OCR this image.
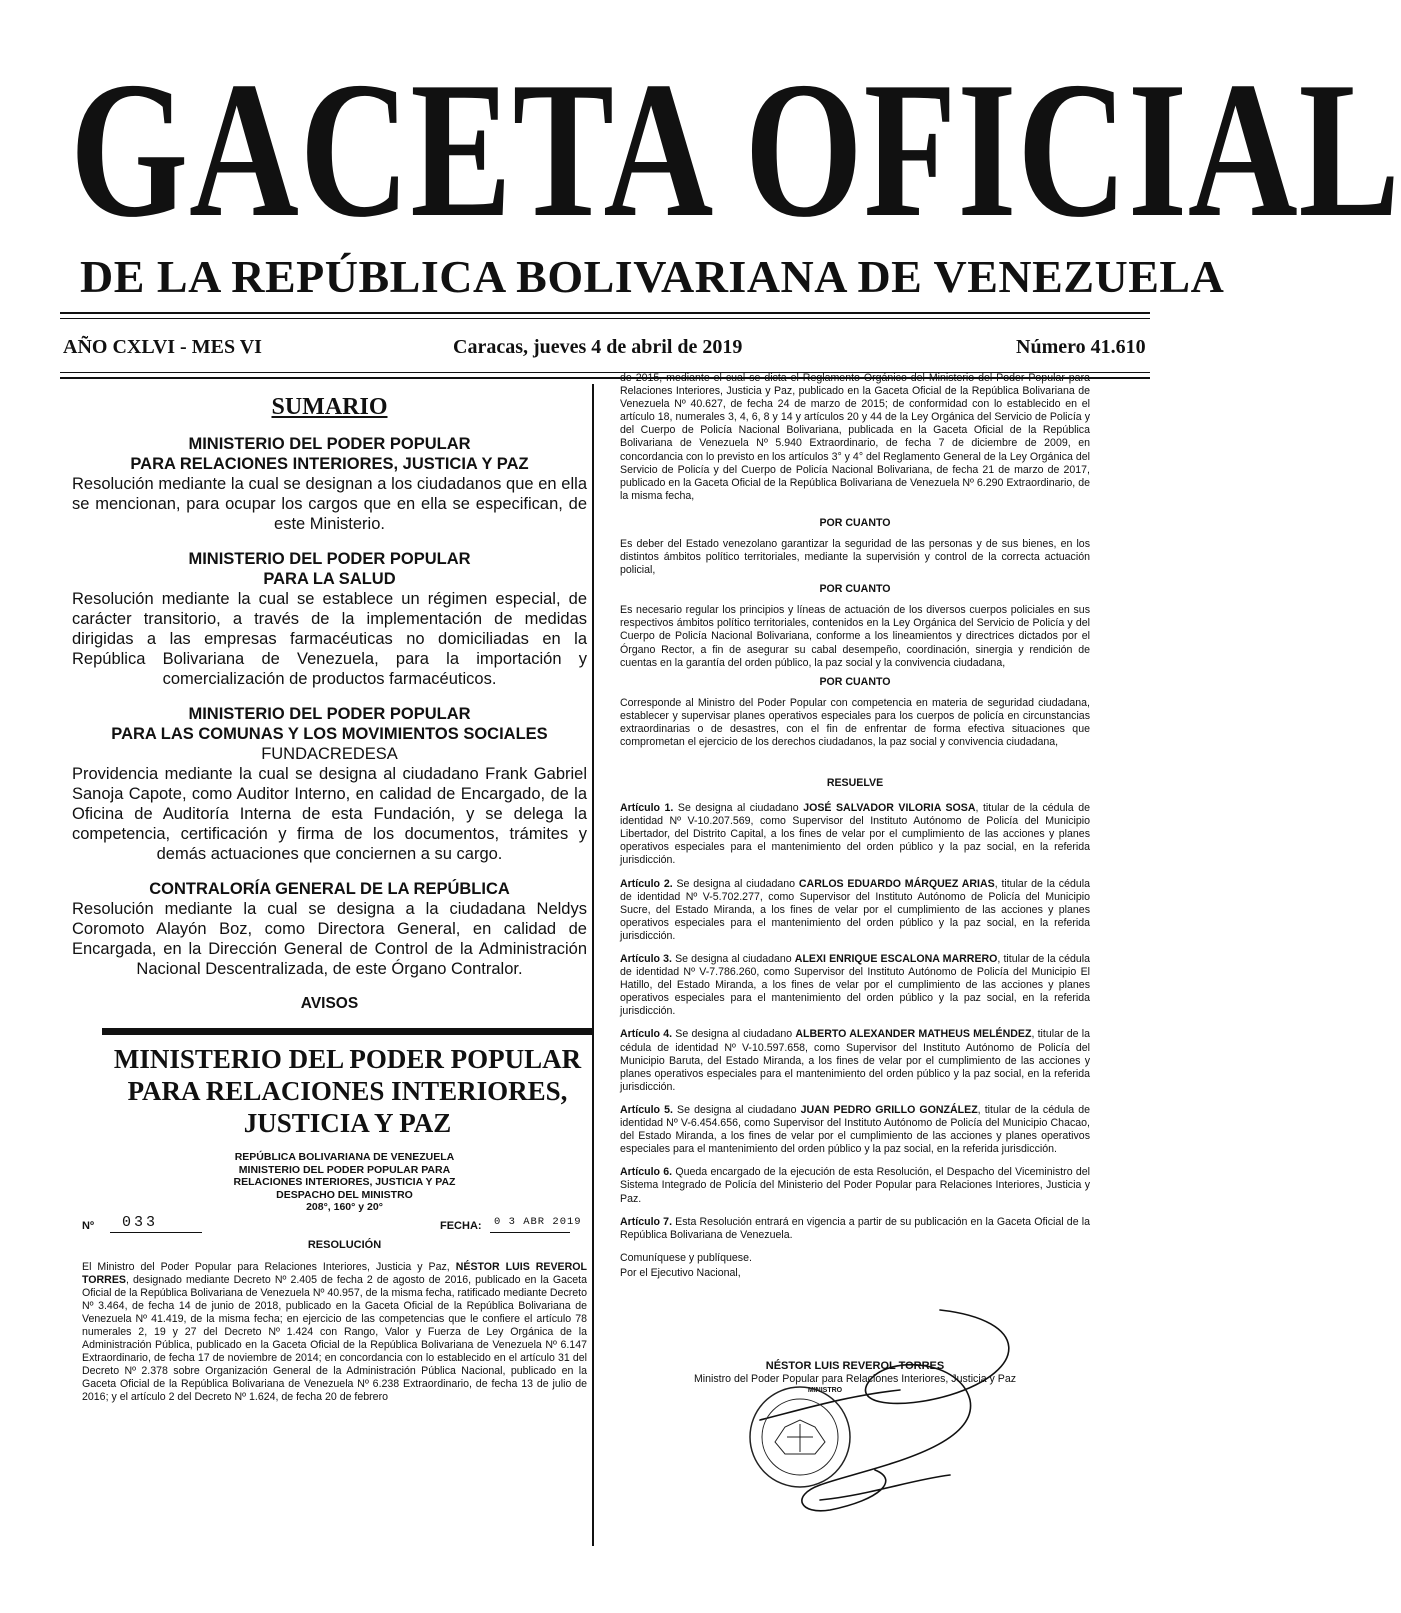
GACETA OFICIAL
DE LA REPÚBLICA BOLIVARIANA DE VENEZUELA
AÑO CXLVI - MES VI	Caracas, jueves 4 de abril de 2019	Número 41.610
SUMARIO
MINISTERIO DEL PODER POPULAR
PARA RELACIONES INTERIORES, JUSTICIA Y PAZ
Resolución mediante la cual se designan a los ciudadanos que en ella se mencionan, para ocupar los cargos que en ella se especifican, de este Ministerio.
MINISTERIO DEL PODER POPULAR
PARA LA SALUD
Resolución mediante la cual se establece un régimen especial, de carácter transitorio, a través de la implementación de medidas dirigidas a las empresas farmacéuticas no domiciliadas en la República Bolivariana de Venezuela, para la importación y comercialización de productos farmacéuticos.
MINISTERIO DEL PODER POPULAR
PARA LAS COMUNAS Y LOS MOVIMIENTOS SOCIALES
FUNDACREDESA
Providencia mediante la cual se designa al ciudadano Frank Gabriel Sanoja Capote, como Auditor Interno, en calidad de Encargado, de la Oficina de Auditoría Interna de esta Fundación, y se delega la competencia, certificación y firma de los documentos, trámites y demás actuaciones que conciernen a su cargo.
CONTRALORÍA GENERAL DE LA REPÚBLICA
Resolución mediante la cual se designa a la ciudadana Neldys Coromoto Alayón Boz, como Directora General, en calidad de Encargada, en la Dirección General de Control de la Administración Nacional Descentralizada, de este Órgano Contralor.
AVISOS
MINISTERIO DEL PODER POPULAR
PARA RELACIONES INTERIORES,
JUSTICIA Y PAZ
REPÚBLICA BOLIVARIANA DE VENEZUELA
MINISTERIO DEL PODER POPULAR PARA
RELACIONES INTERIORES, JUSTICIA Y PAZ
DESPACHO DEL MINISTRO
208°, 160° y 20°
Nº 033	FECHA: 0 3 ABR 2019
RESOLUCIÓN
El Ministro del Poder Popular para Relaciones Interiores, Justicia y Paz, NÉSTOR LUIS REVEROL TORRES, designado mediante Decreto Nº 2.405 de fecha 2 de agosto de 2016, publicado en la Gaceta Oficial de la República Bolivariana de Venezuela Nº 40.957, de la misma fecha, ratificado mediante Decreto Nº 3.464, de fecha 14 de junio de 2018, publicado en la Gaceta Oficial de la República Bolivariana de Venezuela Nº 41.419, de la misma fecha; en ejercicio de las competencias que le confiere el artículo 78 numerales 2, 19 y 27 del Decreto Nº 1.424 con Rango, Valor y Fuerza de Ley Orgánica de la Administración Pública, publicado en la Gaceta Oficial de la República Bolivariana de Venezuela Nº 6.147 Extraordinario, de fecha 17 de noviembre de 2014; en concordancia con lo establecido en el artículo 31 del Decreto Nº 2.378 sobre Organización General de la Administración Pública Nacional, publicado en la Gaceta Oficial de la República Bolivariana de Venezuela Nº 6.238 Extraordinario, de fecha 13 de julio de 2016; y el artículo 2 del Decreto Nº 1.624, de fecha 20 de febrero
de 2015, mediante el cual se dicta el Reglamento Orgánico del Ministerio del Poder Popular para Relaciones Interiores, Justicia y Paz, publicado en la Gaceta Oficial de la República Bolivariana de Venezuela Nº 40.627, de fecha 24 de marzo de 2015; de conformidad con lo establecido en el artículo 18, numerales 3, 4, 6, 8 y 14 y artículos 20 y 44 de la Ley Orgánica del Servicio de Policía y del Cuerpo de Policía Nacional Bolivariana, publicada en la Gaceta Oficial de la República Bolivariana de Venezuela Nº 5.940 Extraordinario, de fecha 7 de diciembre de 2009, en concordancia con lo previsto en los artículos 3° y 4° del Reglamento General de la Ley Orgánica del Servicio de Policía y del Cuerpo de Policía Nacional Bolivariana, de fecha 21 de marzo de 2017, publicado en la Gaceta Oficial de la República Bolivariana de Venezuela Nº 6.290 Extraordinario, de la misma fecha,
POR CUANTO
Es deber del Estado venezolano garantizar la seguridad de las personas y de sus bienes, en los distintos ámbitos político territoriales, mediante la supervisión y control de la correcta actuación policial,
POR CUANTO
Es necesario regular los principios y líneas de actuación de los diversos cuerpos policiales en sus respectivos ámbitos político territoriales, contenidos en la Ley Orgánica del Servicio de Policía y del Cuerpo de Policía Nacional Bolivariana, conforme a los lineamientos y directrices dictados por el Órgano Rector, a fin de asegurar su cabal desempeño, coordinación, sinergia y rendición de cuentas en la garantía del orden público, la paz social y la convivencia ciudadana,
POR CUANTO
Corresponde al Ministro del Poder Popular con competencia en materia de seguridad ciudadana, establecer y supervisar planes operativos especiales para los cuerpos de policía en circunstancias extraordinarias o de desastres, con el fin de enfrentar de forma efectiva situaciones que comprometan el ejercicio de los derechos ciudadanos, la paz social y convivencia ciudadana,
RESUELVE
Artículo 1. Se designa al ciudadano JOSÉ SALVADOR VILORIA SOSA, titular de la cédula de identidad Nº V-10.207.569, como Supervisor del Instituto Autónomo de Policía del Municipio Libertador, del Distrito Capital, a los fines de velar por el cumplimiento de las acciones y planes operativos especiales para el mantenimiento del orden público y la paz social, en la referida jurisdicción.
Artículo 2. Se designa al ciudadano CARLOS EDUARDO MÁRQUEZ ARIAS, titular de la cédula de identidad Nº V-5.702.277, como Supervisor del Instituto Autónomo de Policía del Municipio Sucre, del Estado Miranda, a los fines de velar por el cumplimiento de las acciones y planes operativos especiales para el mantenimiento del orden público y la paz social, en la referida jurisdicción.
Artículo 3. Se designa al ciudadano ALEXI ENRIQUE ESCALONA MARRERO, titular de la cédula de identidad Nº V-7.786.260, como Supervisor del Instituto Autónomo de Policía del Municipio El Hatillo, del Estado Miranda, a los fines de velar por el cumplimiento de las acciones y planes operativos especiales para el mantenimiento del orden público y la paz social, en la referida jurisdicción.
Artículo 4. Se designa al ciudadano ALBERTO ALEXANDER MATHEUS MELÉNDEZ, titular de la cédula de identidad Nº V-10.597.658, como Supervisor del Instituto Autónomo de Policía del Municipio Baruta, del Estado Miranda, a los fines de velar por el cumplimiento de las acciones y planes operativos especiales para el mantenimiento del orden público y la paz social, en la referida jurisdicción.
Artículo 5. Se designa al ciudadano JUAN PEDRO GRILLO GONZÁLEZ, titular de la cédula de identidad Nº V-6.454.656, como Supervisor del Instituto Autónomo de Policía del Municipio Chacao, del Estado Miranda, a los fines de velar por el cumplimiento de las acciones y planes operativos especiales para el mantenimiento del orden público y la paz social, en la referida jurisdicción.
Artículo 6. Queda encargado de la ejecución de esta Resolución, el Despacho del Viceministro del Sistema Integrado de Policía del Ministerio del Poder Popular para Relaciones Interiores, Justicia y Paz.
Artículo 7. Esta Resolución entrará en vigencia a partir de su publicación en la Gaceta Oficial de la República Bolivariana de Venezuela.
Comuníquese y publíquese.
Por el Ejecutivo Nacional,
NÉSTOR LUIS REVEROL TORRES
Ministro del Poder Popular para Relaciones Interiores, Justicia y Paz
MINISTRO
